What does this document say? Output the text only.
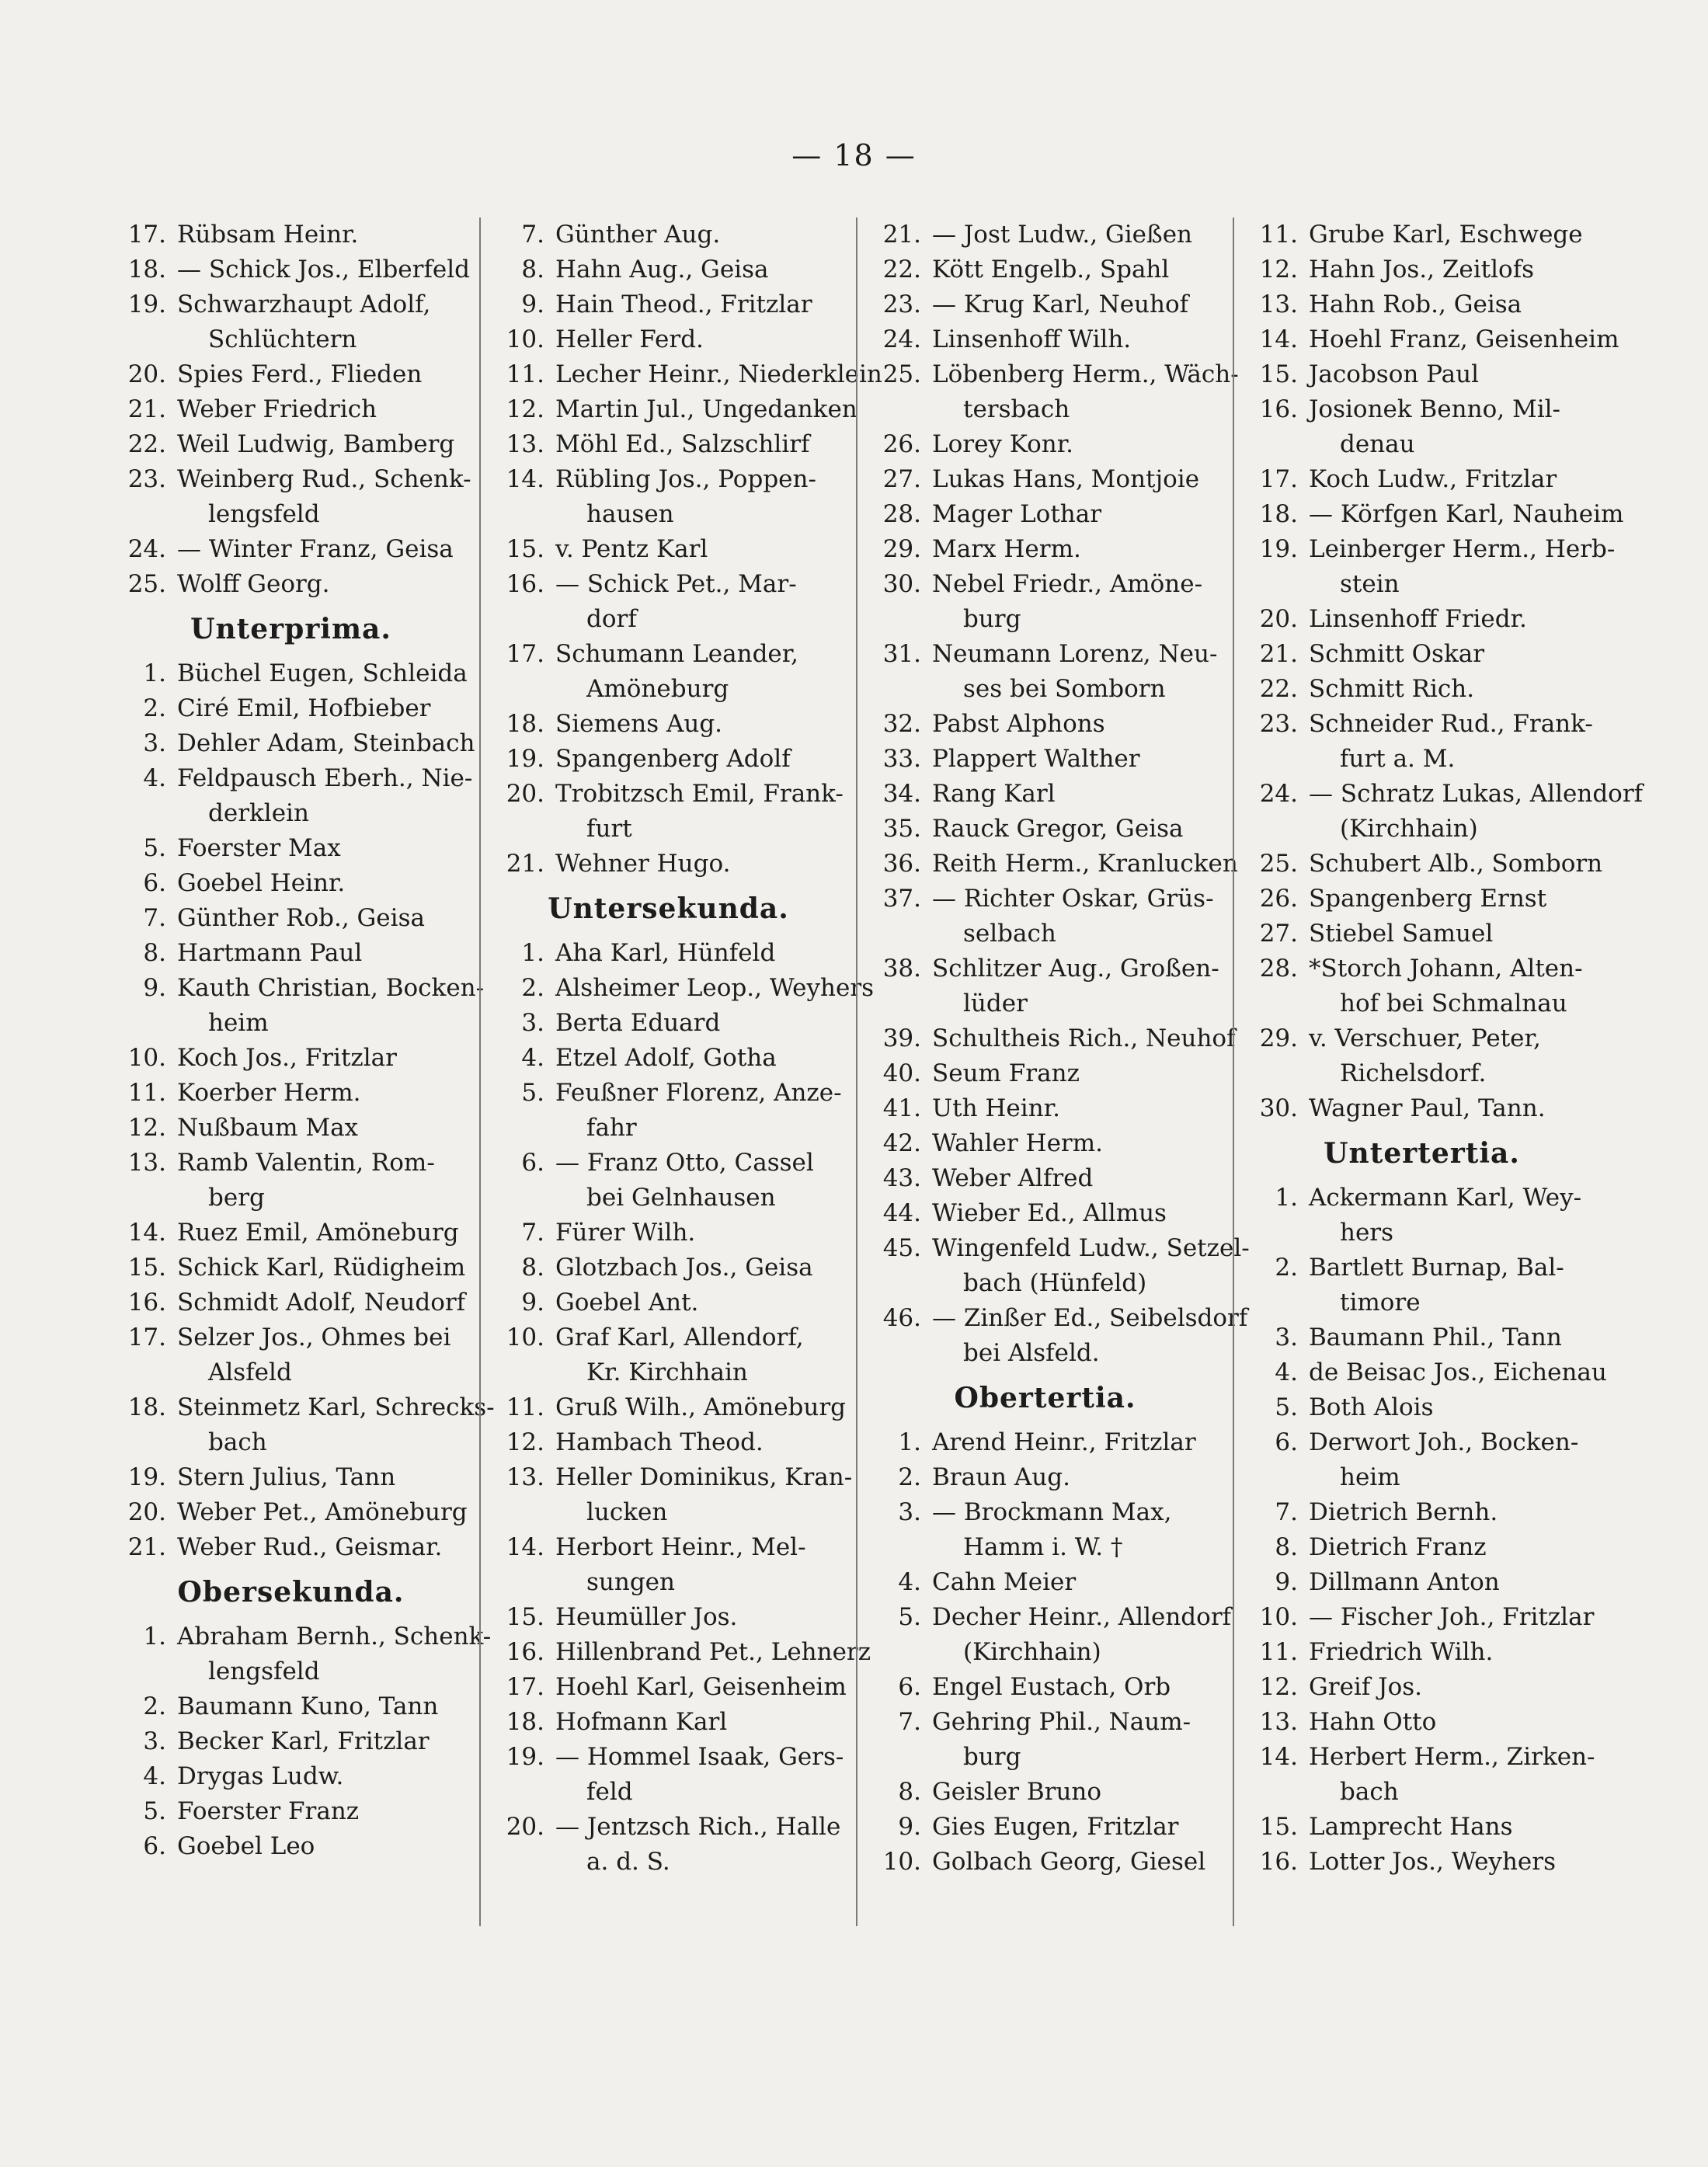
— 18 —
17. Rübsam Heinr.
18. — Schick Jos., Elberfeld
19. Schwarzhaupt Adolf,
Schlüchtern
20. Spies Ferd., Flieden
21. Weber Friedrich
22. Weil Ludwig, Bamberg
23. Weinberg Rud., Schenk-
lengsfeld
24. — Winter Franz, Geisa
25. Wolff Georg.
Unterprima.
1. Büchel Eugen, Schleida
2. Ciré Emil, Hofbieber
3. Dehler Adam, Steinbach
4. Feldpausch Eberh., Nie-
derklein
5. Foerster Max
6. Goebel Heinr.
7. Günther Rob., Geisa
8. Hartmann Paul
9. Kauth Christian, Bocken-
heim
10. Koch Jos., Fritzlar
11. Koerber Herm.
12. Nußbaum Max
13. Ramb Valentin, Rom-
berg
14. Ruez Emil, Amöneburg
15. Schick Karl, Rüdigheim
16. Schmidt Adolf, Neudorf
17. Selzer Jos., Ohmes bei
Alsfeld
18. Steinmetz Karl, Schrecks-
bach
19. Stern Julius, Tann
20. Weber Pet., Amöneburg
21. Weber Rud., Geismar.
Obersekunda.
1. Abraham Bernh., Schenk-
lengsfeld
2. Baumann Kuno, Tann
3. Becker Karl, Fritzlar
4. Drygas Ludw.
5. Foerster Franz
6. Goebel Leo
7. Günther Aug.
8. Hahn Aug., Geisa
9. Hain Theod., Fritzlar
10. Heller Ferd.
11. Lecher Heinr., Niederklein
12. Martin Jul., Ungedanken
13. Möhl Ed., Salzschlirf
14. Rübling Jos., Poppen-
hausen
15. v. Pentz Karl
16. — Schick Pet., Mar-
dorf
17. Schumann Leander,
Amöneburg
18. Siemens Aug.
19. Spangenberg Adolf
20. Trobitzsch Emil, Frank-
furt
21. Wehner Hugo.
Untersekunda.
1. Aha Karl, Hünfeld
2. Alsheimer Leop., Weyhers
3. Berta Eduard
4. Etzel Adolf, Gotha
5. Feußner Florenz, Anze-
fahr
6. — Franz Otto, Cassel
bei Gelnhausen
7. Fürer Wilh.
8. Glotzbach Jos., Geisa
9. Goebel Ant.
10. Graf Karl, Allendorf,
Kr. Kirchhain
11. Gruß Wilh., Amöneburg
12. Hambach Theod.
13. Heller Dominikus, Kran-
lucken
14. Herbort Heinr., Mel-
sungen
15. Heumüller Jos.
16. Hillenbrand Pet., Lehnerz
17. Hoehl Karl, Geisenheim
18. Hofmann Karl
19. — Hommel Isaak, Gers-
feld
20. — Jentzsch Rich., Halle
a. d. S.
21. — Jost Ludw., Gießen
22. Kött Engelb., Spahl
23. — Krug Karl, Neuhof
24. Linsenhoff Wilh.
25. Löbenberg Herm., Wäch-
tersbach
26. Lorey Konr.
27. Lukas Hans, Montjoie
28. Mager Lothar
29. Marx Herm.
30. Nebel Friedr., Amöne-
burg
31. Neumann Lorenz, Neu-
ses bei Somborn
32. Pabst Alphons
33. Plappert Walther
34. Rang Karl
35. Rauck Gregor, Geisa
36. Reith Herm., Kranlucken
37. — Richter Oskar, Grüs-
selbach
38. Schlitzer Aug., Großen-
lüder
39. Schultheis Rich., Neuhof
40. Seum Franz
41. Uth Heinr.
42. Wahler Herm.
43. Weber Alfred
44. Wieber Ed., Allmus
45. Wingenfeld Ludw., Setzel-
bach (Hünfeld)
46. — Zinßer Ed., Seibelsdorf
bei Alsfeld.
Obertertia.
1. Arend Heinr., Fritzlar
2. Braun Aug.
3. — Brockmann Max,
Hamm i. W. †
4. Cahn Meier
5. Decher Heinr., Allendorf
(Kirchhain)
6. Engel Eustach, Orb
7. Gehring Phil., Naum-
burg
8. Geisler Bruno
9. Gies Eugen, Fritzlar
10. Golbach Georg, Giesel
11. Grube Karl, Eschwege
12. Hahn Jos., Zeitlofs
13. Hahn Rob., Geisa
14. Hoehl Franz, Geisenheim
15. Jacobson Paul
16. Josionek Benno, Mil-
denau
17. Koch Ludw., Fritzlar
18. — Körfgen Karl, Nauheim
19. Leinberger Herm., Herb-
stein
20. Linsenhoff Friedr.
21. Schmitt Oskar
22. Schmitt Rich.
23. Schneider Rud., Frank-
furt a. M.
24. — Schratz Lukas, Allendorf
(Kirchhain)
25. Schubert Alb., Somborn
26. Spangenberg Ernst
27. Stiebel Samuel
28. *Storch Johann, Alten-
hof bei Schmalnau
29. v. Verschuer, Peter,
Richelsdorf.
30. Wagner Paul, Tann.
Untertertia.
1. Ackermann Karl, Wey-
hers
2. Bartlett Burnap, Bal-
timore
3. Baumann Phil., Tann
4. de Beisac Jos., Eichenau
5. Both Alois
6. Derwort Joh., Bocken-
heim
7. Dietrich Bernh.
8. Dietrich Franz
9. Dillmann Anton
10. — Fischer Joh., Fritzlar
11. Friedrich Wilh.
12. Greif Jos.
13. Hahn Otto
14. Herbert Herm., Zirken-
bach
15. Lamprecht Hans
16. Lotter Jos., Weyhers
